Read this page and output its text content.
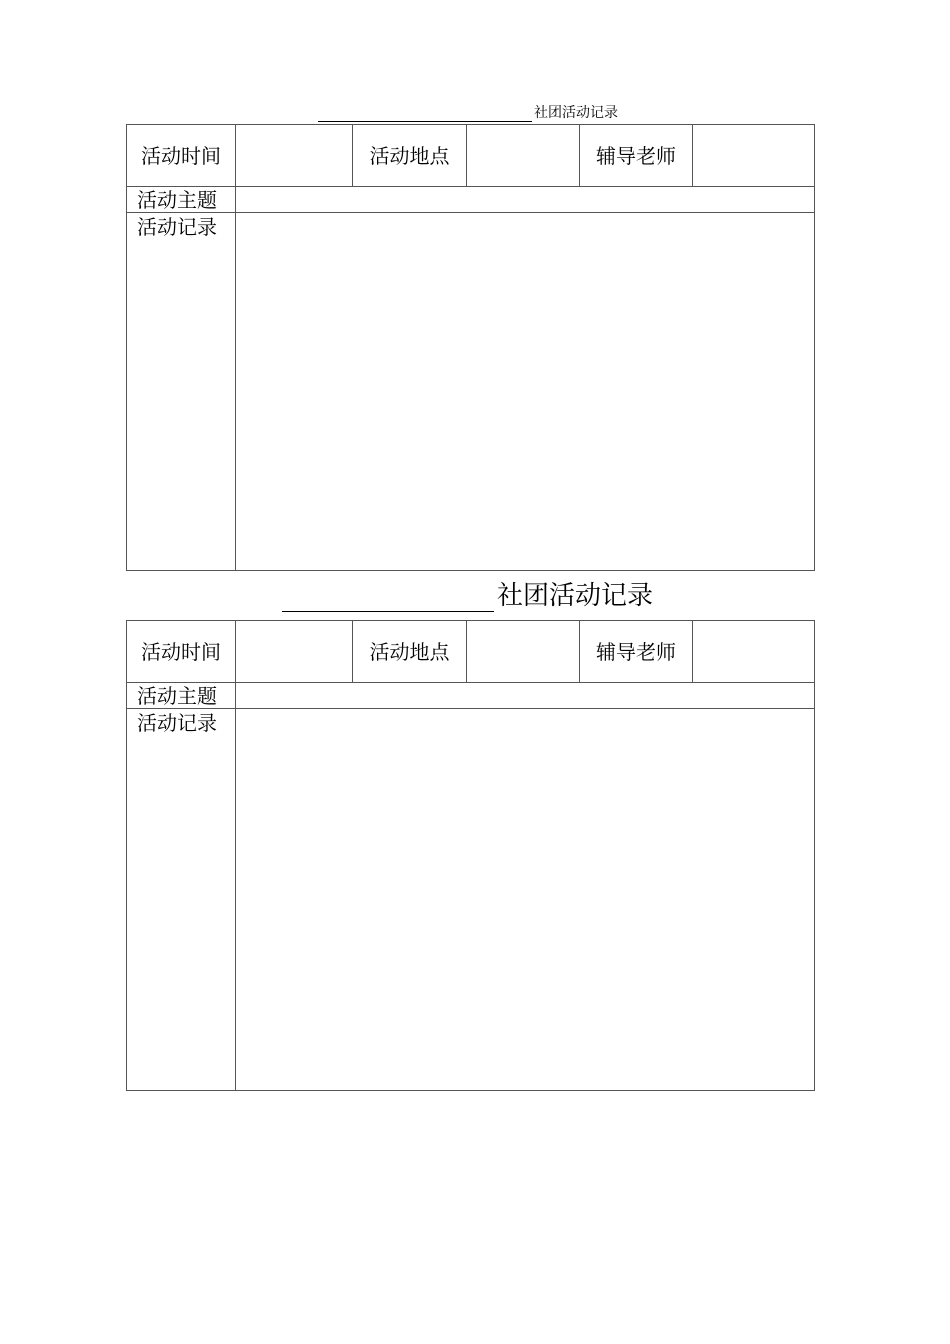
社团活动记录
活动时间	活动地点	辅导老师
活动主题
活动记录
社团活动记录
活动时间	活动地点	辅导老师
活动主题
活动记录
